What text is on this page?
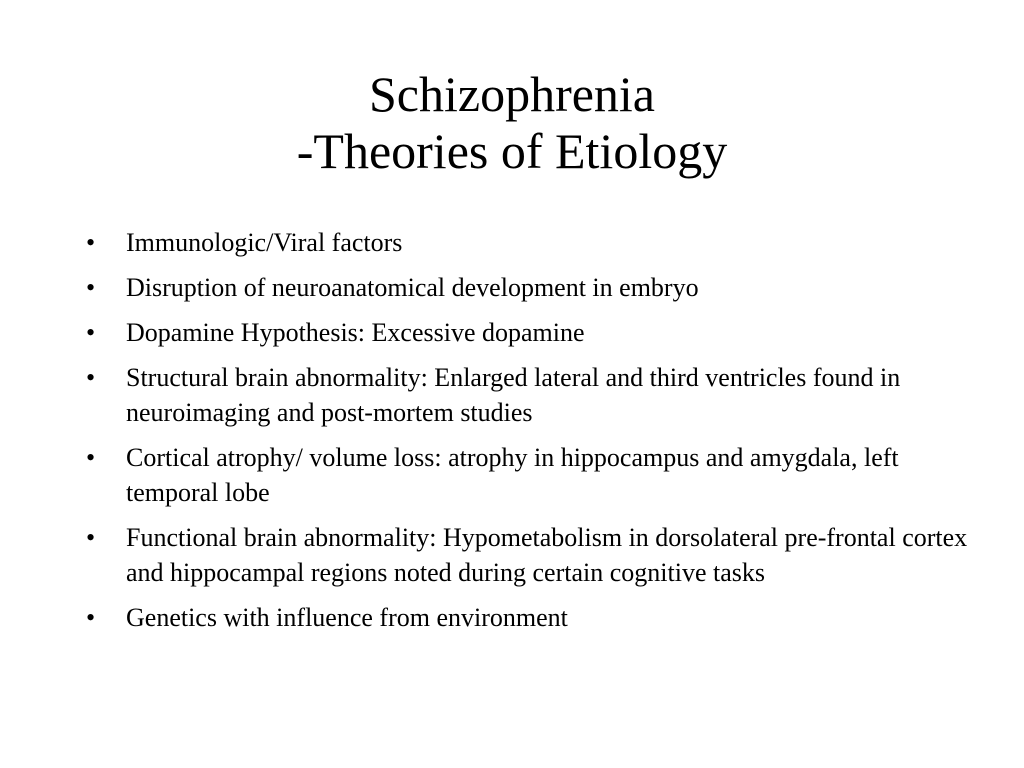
Schizophrenia
-Theories of Etiology
• Immunologic/Viral factors
• Disruption of neuroanatomical development in embryo
• Dopamine Hypothesis: Excessive dopamine
• Structural brain abnormality: Enlarged lateral and third ventricles found in neuroimaging and post-mortem studies
• Cortical atrophy/ volume loss: atrophy in hippocampus and amygdala, left temporal lobe
• Functional brain abnormality: Hypometabolism in dorsolateral pre-frontal cortex and hippocampal regions noted during certain cognitive tasks
• Genetics with influence from environment
